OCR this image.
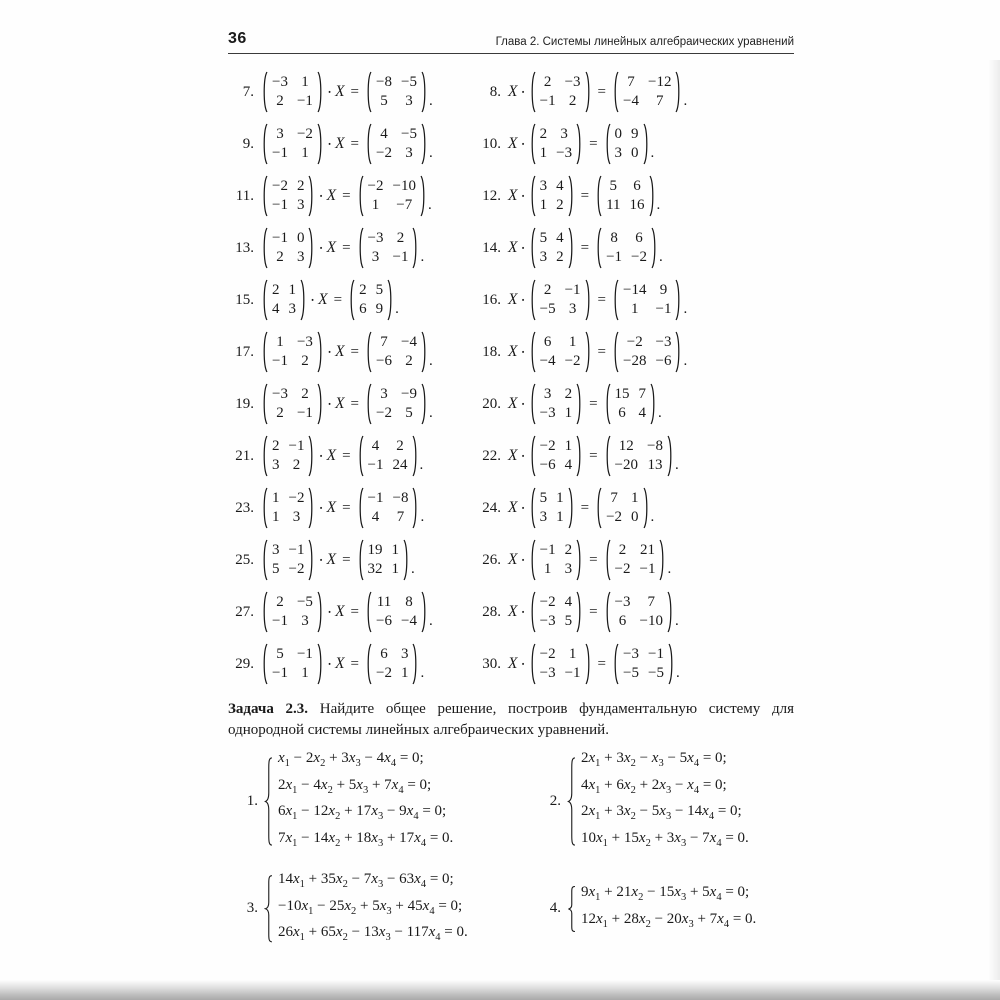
36	Глава 2. Системы линейных алгебраических уравнений
7.
−3 1
2 −1
⋅ X =
−8 −5
5 3 .
8. X ⋅
2 −3
−1 2
=
7 −12
−4 7 .
9.
3 −2
−1 1
⋅ X =
4 −5
−2 3 .
10. X ⋅
2 3
1 −3
=
0 9
3 0 .
11.
−2 2
−1 3
⋅ X =
−2 −10
1 −7 .
12. X ⋅
3 4
1 2
=
5 6
11 16 .
13.
−1 0
2 3
⋅ X =
−3 2
3 −1 .
14. X ⋅
5 4
3 2
=
8 6
−1 −2 .
15.
2 1
4 3
⋅ X =
2 5
6 9 .
16. X ⋅
2 −1
−5 3
=
−14 9
1 −1 .
17.
1 −3
−1 2
⋅ X =
7 −4
−6 2 .
18. X ⋅
6 1
−4 −2
=
−2 −3
−28 −6 .
19.
−3 2
2 −1
⋅ X =
3 −9
−2 5 .
20. X ⋅
3 2
−3 1
=
15 7
6 4 .
21.
2 −1
3 2
⋅ X =
4 2
−1 24 .
22. X ⋅
−2 1
−6 4
=
12 −8
−20 13 .
23.
1 −2
1 3
⋅ X =
−1 −8
4 7 .
24. X ⋅
5 1
3 1
=
7 1
−2 0 .
25.
3 −1
5 −2
⋅ X =
19 1
32 1 .
26. X ⋅
−1 2
1 3
=
2 21
−2 −1 .
27.
2 −5
−1 3
⋅ X =
11 8
−6 −4 .
28. X ⋅
−2 4
−3 5
=
−3 7
6 −10 .
29.
5 −1
−1 1
⋅ X =
6 3
−2 1 .
30. X ⋅
−2 1
−3 −1
=
−3 −1
−5 −5 .

Задача 2.3. Найдите общее решение, построив фундаментальную систему для однородной системы линейных алгебраических уравнений.

1.
$x_1 - 2x_2 + 3x_3 - 4x_4 = 0$;
$2x_1 - 4x_2 + 5x_3 + 7x_4 = 0$;
$6x_1 - 12x_2 + 17x_3 - 9x_4 = 0$;
$7x_1 - 14x_2 + 18x_3 + 17x_4 = 0$.
2.
$2x_1 + 3x_2 - x_3 - 5x_4 = 0$;
$4x_1 + 6x_2 + 2x_3 - x_4 = 0$;
$2x_1 + 3x_2 - 5x_3 - 14x_4 = 0$;
$10x_1 + 15x_2 + 3x_3 - 7x_4 = 0$.
3.
$14x_1 + 35x_2 - 7x_3 - 63x_4 = 0$;
$-10x_1 - 25x_2 + 5x_3 + 45x_4 = 0$;
$26x_1 + 65x_2 - 13x_3 - 117x_4 = 0$.
4.
$9x_1 + 21x_2 - 15x_3 + 5x_4 = 0$;
$12x_1 + 28x_2 - 20x_3 + 7x_4 = 0$.
